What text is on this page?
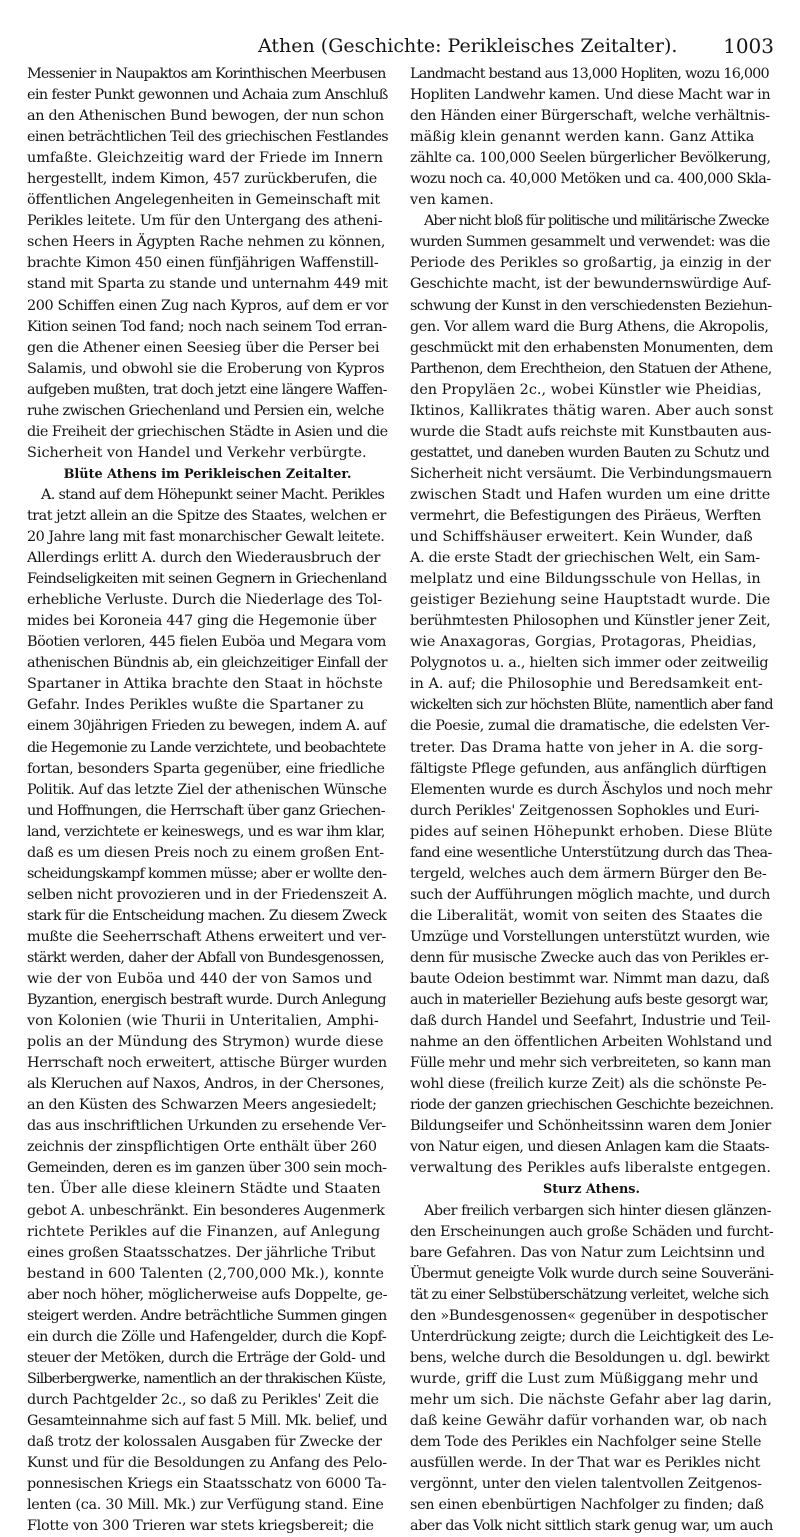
Athen (Geschichte: Perikleisches Zeitalter). 1003
Messenier in Naupaktos am Korinthischen Meerbusen
ein fester Punkt gewonnen und Achaia zum Anschluß
an den Athenischen Bund bewogen, der nun schon
einen beträchtlichen Teil des griechischen Festlandes
umfaßte. Gleichzeitig ward der Friede im Innern
hergestellt, indem Kimon, 457 zurückberufen, die
öffentlichen Angelegenheiten in Gemeinschaft mit
Perikles leitete. Um für den Untergang des atheni-
schen Heers in Ägypten Rache nehmen zu können,
brachte Kimon 450 einen fünfjährigen Waffenstill-
stand mit Sparta zu stande und unternahm 449 mit
200 Schiffen einen Zug nach Kypros, auf dem er vor
Kition seinen Tod fand; noch nach seinem Tod erran-
gen die Athener einen Seesieg über die Perser bei
Salamis, und obwohl sie die Eroberung von Kypros
aufgeben mußten, trat doch jetzt eine längere Waffen-
ruhe zwischen Griechenland und Persien ein, welche
die Freiheit der griechischen Städte in Asien und die
Sicherheit von Handel und Verkehr verbürgte.
Blüte Athens im Perikleischen Zeitalter.
A. stand auf dem Höhepunkt seiner Macht. Perikles
trat jetzt allein an die Spitze des Staates, welchen er
20 Jahre lang mit fast monarchischer Gewalt leitete.
Allerdings erlitt A. durch den Wiederausbruch der
Feindseligkeiten mit seinen Gegnern in Griechenland
erhebliche Verluste. Durch die Niederlage des Tol-
mides bei Koroneia 447 ging die Hegemonie über
Böotien verloren, 445 fielen Euböa und Megara vom
athenischen Bündnis ab, ein gleichzeitiger Einfall der
Spartaner in Attika brachte den Staat in höchste
Gefahr. Indes Perikles wußte die Spartaner zu
einem 30jährigen Frieden zu bewegen, indem A. auf
die Hegemonie zu Lande verzichtete, und beobachtete
fortan, besonders Sparta gegenüber, eine friedliche
Politik. Auf das letzte Ziel der athenischen Wünsche
und Hoffnungen, die Herrschaft über ganz Griechen-
land, verzichtete er keineswegs, und es war ihm klar,
daß es um diesen Preis noch zu einem großen Ent-
scheidungskampf kommen müsse; aber er wollte den-
selben nicht provozieren und in der Friedenszeit A.
stark für die Entscheidung machen. Zu diesem Zweck
mußte die Seeherrschaft Athens erweitert und ver-
stärkt werden, daher der Abfall von Bundesgenossen,
wie der von Euböa und 440 der von Samos und
Byzantion, energisch bestraft wurde. Durch Anlegung
von Kolonien (wie Thurii in Unteritalien, Amphi-
polis an der Mündung des Strymon) wurde diese
Herrschaft noch erweitert, attische Bürger wurden
als Kleruchen auf Naxos, Andros, in der Chersones,
an den Küsten des Schwarzen Meers angesiedelt;
das aus inschriftlichen Urkunden zu ersehende Ver-
zeichnis der zinspflichtigen Orte enthält über 260
Gemeinden, deren es im ganzen über 300 sein moch-
ten. Über alle diese kleinern Städte und Staaten
gebot A. unbeschränkt. Ein besonderes Augenmerk
richtete Perikles auf die Finanzen, auf Anlegung
eines großen Staatsschatzes. Der jährliche Tribut
bestand in 600 Talenten (2,700,000 Mk.), konnte
aber noch höher, möglicherweise aufs Doppelte, ge-
steigert werden. Andre beträchtliche Summen gingen
ein durch die Zölle und Hafengelder, durch die Kopf-
steuer der Metöken, durch die Erträge der Gold- und
Silberbergwerke, namentlich an der thrakischen Küste,
durch Pachtgelder 2c., so daß zu Perikles' Zeit die
Gesamteinnahme sich auf fast 5 Mill. Mk. belief, und
daß trotz der kolossalen Ausgaben für Zwecke der
Kunst und für die Besoldungen zu Anfang des Pelo-
ponnesischen Kriegs ein Staatsschatz von 6000 Ta-
lenten (ca. 30 Mill. Mk.) zur Verfügung stand. Eine
Flotte von 300 Trieren war stets kriegsbereit; die
Landmacht bestand aus 13,000 Hopliten, wozu 16,000
Hopliten Landwehr kamen. Und diese Macht war in
den Händen einer Bürgerschaft, welche verhältnis-
mäßig klein genannt werden kann. Ganz Attika
zählte ca. 100,000 Seelen bürgerlicher Bevölkerung,
wozu noch ca. 40,000 Metöken und ca. 400,000 Skla-
ven kamen.
Aber nicht bloß für politische und militärische Zwecke
wurden Summen gesammelt und verwendet: was die
Periode des Perikles so großartig, ja einzig in der
Geschichte macht, ist der bewundernswürdige Auf-
schwung der Kunst in den verschiedensten Beziehun-
gen. Vor allem ward die Burg Athens, die Akropolis,
geschmückt mit den erhabensten Monumenten, dem
Parthenon, dem Erechtheion, den Statuen der Athene,
den Propyläen 2c., wobei Künstler wie Pheidias,
Iktinos, Kallikrates thätig waren. Aber auch sonst
wurde die Stadt aufs reichste mit Kunstbauten aus-
gestattet, und daneben wurden Bauten zu Schutz und
Sicherheit nicht versäumt. Die Verbindungsmauern
zwischen Stadt und Hafen wurden um eine dritte
vermehrt, die Befestigungen des Piräeus, Werften
und Schiffshäuser erweitert. Kein Wunder, daß
A. die erste Stadt der griechischen Welt, ein Sam-
melplatz und eine Bildungsschule von Hellas, in
geistiger Beziehung seine Hauptstadt wurde. Die
berühmtesten Philosophen und Künstler jener Zeit,
wie Anaxagoras, Gorgias, Protagoras, Pheidias,
Polygnotos u. a., hielten sich immer oder zeitweilig
in A. auf; die Philosophie und Beredsamkeit ent-
wickelten sich zur höchsten Blüte, namentlich aber fand
die Poesie, zumal die dramatische, die edelsten Ver-
treter. Das Drama hatte von jeher in A. die sorg-
fältigste Pflege gefunden, aus anfänglich dürftigen
Elementen wurde es durch Äschylos und noch mehr
durch Perikles' Zeitgenossen Sophokles und Euri-
pides auf seinen Höhepunkt erhoben. Diese Blüte
fand eine wesentliche Unterstützung durch das Thea-
tergeld, welches auch dem ärmern Bürger den Be-
such der Aufführungen möglich machte, und durch
die Liberalität, womit von seiten des Staates die
Umzüge und Vorstellungen unterstützt wurden, wie
denn für musische Zwecke auch das von Perikles er-
baute Odeion bestimmt war. Nimmt man dazu, daß
auch in materieller Beziehung aufs beste gesorgt war,
daß durch Handel und Seefahrt, Industrie und Teil-
nahme an den öffentlichen Arbeiten Wohlstand und
Fülle mehr und mehr sich verbreiteten, so kann man
wohl diese (freilich kurze Zeit) als die schönste Pe-
riode der ganzen griechischen Geschichte bezeichnen.
Bildungseifer und Schönheitssinn waren dem Jonier
von Natur eigen, und diesen Anlagen kam die Staats-
verwaltung des Perikles aufs liberalste entgegen.
Sturz Athens.
Aber freilich verbargen sich hinter diesen glänzen-
den Erscheinungen auch große Schäden und furcht-
bare Gefahren. Das von Natur zum Leichtsinn und
Übermut geneigte Volk wurde durch seine Souveräni-
tät zu einer Selbstüberschätzung verleitet, welche sich
den »Bundesgenossen« gegenüber in despotischer
Unterdrückung zeigte; durch die Leichtigkeit des Le-
bens, welche durch die Besoldungen u. dgl. bewirkt
wurde, griff die Lust zum Müßiggang mehr und
mehr um sich. Die nächste Gefahr aber lag darin,
daß keine Gewähr dafür vorhanden war, ob nach
dem Tode des Perikles ein Nachfolger seine Stelle
ausfüllen werde. In der That war es Perikles nicht
vergönnt, unter den vielen talentvollen Zeitgenos-
sen einen ebenbürtigen Nachfolger zu finden; daß
aber das Volk nicht sittlich stark genug war, um auch
